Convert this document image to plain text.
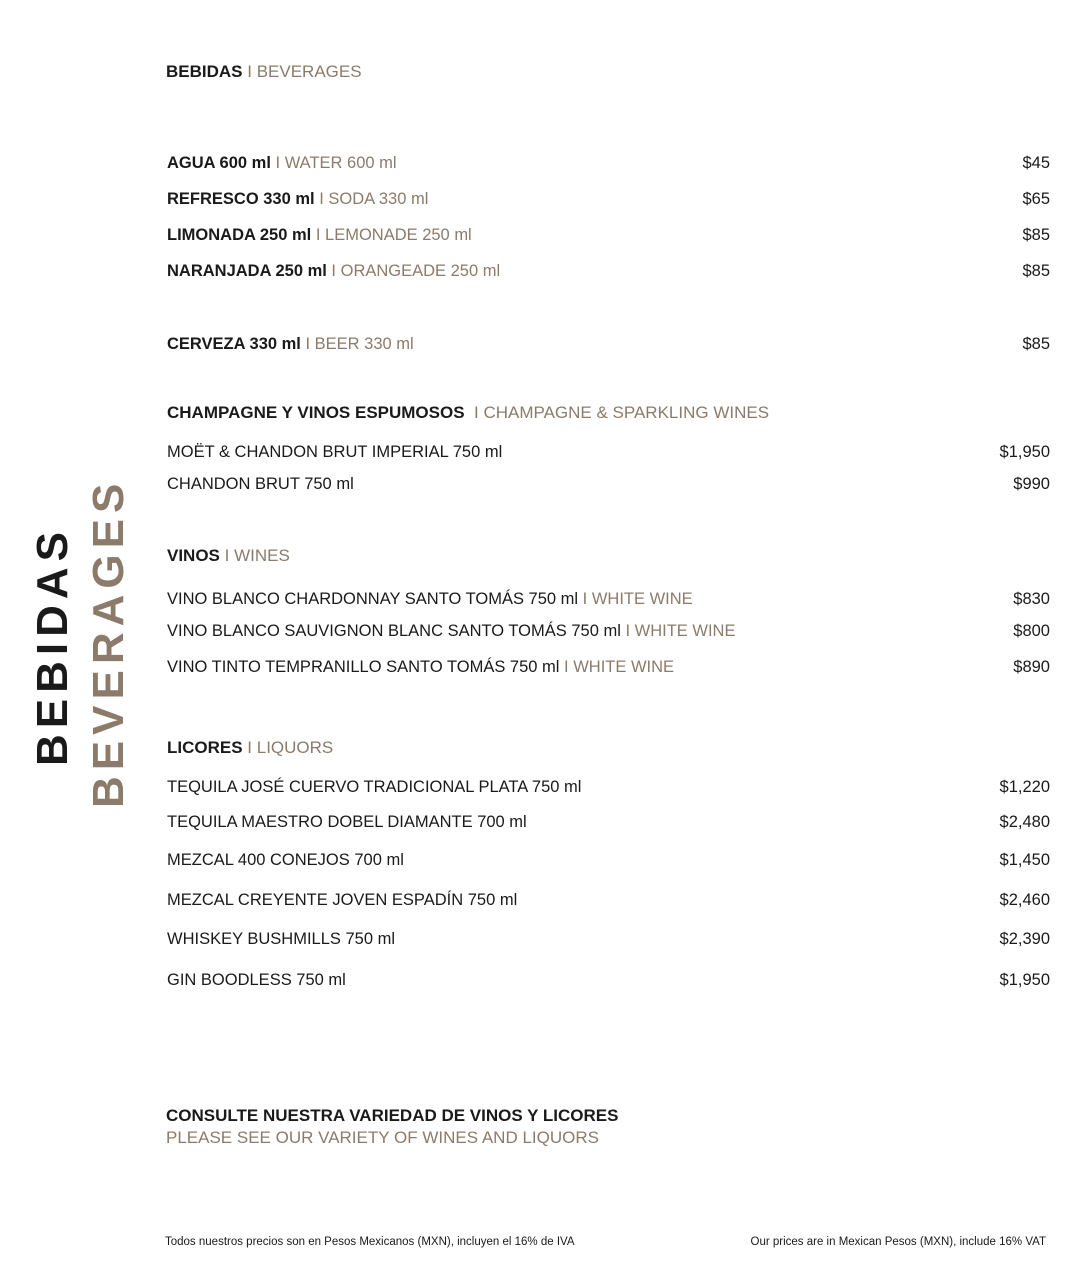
BEBIDAS BEVERAGES
BEBIDAS I BEVERAGES
AGUA 600 ml I WATER 600 ml	$45
REFRESCO 330 ml I SODA 330 ml	$65
LIMONADA 250 ml I LEMONADE 250 ml	$85
NARANJADA 250 ml I ORANGEADE 250 ml	$85
CERVEZA 330 ml I BEER 330 ml	$85
CHAMPAGNE Y VINOS ESPUMOSOS I CHAMPAGNE & SPARKLING WINES
MOËT & CHANDON BRUT IMPERIAL 750 ml	$1,950
CHANDON BRUT 750 ml	$990
VINOS I WINES
VINO BLANCO CHARDONNAY SANTO TOMÁS 750 ml I WHITE WINE	$830
VINO BLANCO SAUVIGNON BLANC SANTO TOMÁS 750 ml I WHITE WINE	$800
VINO TINTO TEMPRANILLO SANTO TOMÁS 750 ml I WHITE WINE	$890
LICORES I LIQUORS
TEQUILA JOSÉ CUERVO TRADICIONAL PLATA 750 ml	$1,220
TEQUILA MAESTRO DOBEL DIAMANTE 700 ml	$2,480
MEZCAL 400 CONEJOS 700 ml	$1,450
MEZCAL CREYENTE JOVEN ESPADÍN 750 ml	$2,460
WHISKEY BUSHMILLS 750 ml	$2,390
GIN BOODLESS 750 ml	$1,950
CONSULTE NUESTRA VARIEDAD DE VINOS Y LICORES
PLEASE SEE OUR VARIETY OF WINES AND LIQUORS
Todos nuestros precios son en Pesos Mexicanos (MXN), incluyen el 16% de IVA	Our prices are in Mexican Pesos (MXN), include 16% VAT
